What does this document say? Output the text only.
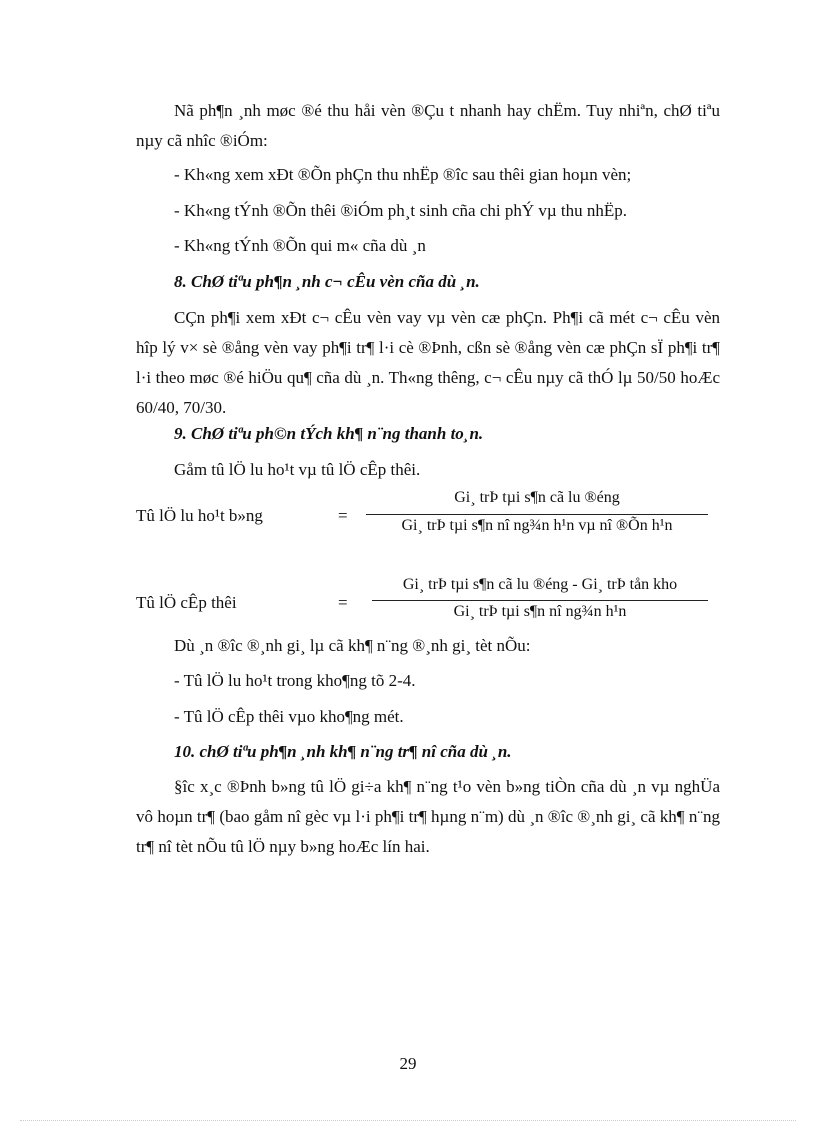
Nã ph¶n ¸nh møc ®é thu håi vèn ®Çu t nhanh hay chËm. Tuy nhiªn, chØ tiªu nµy cã nhîc ®iÓm:

- Kh«ng xem xÐt ®Õn phÇn thu nhËp ®îc sau thêi gian hoµn vèn;

- Kh«ng tÝnh ®Õn thêi ®iÓm ph¸t sinh cña chi phÝ vµ thu nhËp.

- Kh«ng tÝnh ®Õn qui m« cña dù ¸n

8. ChØ tiªu ph¶n ¸nh c¬ cÊu vèn cña dù ¸n.

CÇn ph¶i xem xÐt c¬ cÊu vèn vay vµ vèn cæ phÇn. Ph¶i cã mét c¬ cÊu vèn hîp lý v× sè ®ång vèn vay ph¶i tr¶ l·i cè ®Þnh, cßn sè ®ång vèn cæ phÇn sÏ ph¶i tr¶ l·i theo møc ®é hiÖu qu¶ cña dù ¸n. Th«ng thêng, c¬ cÊu nµy cã thÓ lµ 50/50 hoÆc 60/40, 70/30.

9. ChØ tiªu ph©n tÝch kh¶ n¨ng thanh to¸n.

Gåm tû lÖ lu ho¹t vµ tû lÖ cÊp thêi.

Tû lÖ lu ho¹t b»ng	=
Gi¸ trÞ tµi s¶n cã lu ®éng
Gi¸ trÞ tµi s¶n nî ng¾n h¹n vµ nî ®Õn h¹n
Tû lÖ cÊp thêi	=
Gi¸ trÞ tµi s¶n cã lu ®éng - Gi¸ trÞ tån kho
Gi¸ trÞ tµi s¶n nî ng¾n h¹n

Dù ¸n ®îc ®¸nh gi¸ lµ cã kh¶ n¨ng ®¸nh gi¸ tèt nÕu:

- Tû lÖ lu ho¹t trong kho¶ng tõ 2-4.

- Tû lÖ cÊp thêi vµo kho¶ng mét.

10. chØ tiªu ph¶n ¸nh kh¶ n¨ng tr¶ nî cña dù ¸n.

§îc x¸c ®Þnh b»ng tû lÖ gi÷a kh¶ n¨ng t¹o vèn b»ng tiÒn cña dù ¸n vµ nghÜa vô hoµn tr¶ (bao gåm nî gèc vµ l·i ph¶i tr¶ hµng n¨m) dù ¸n ®îc ®¸nh gi¸ cã kh¶ n¨ng tr¶ nî tèt nÕu tû lÖ nµy b»ng hoÆc lín hai.

29
